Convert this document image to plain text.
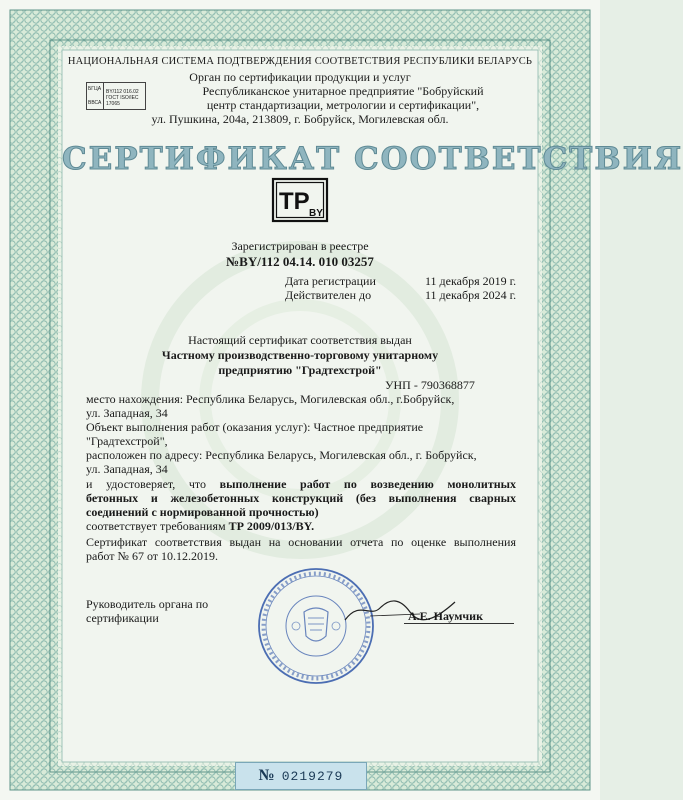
НАЦИОНАЛЬНАЯ СИСТЕМА ПОДТВЕРЖДЕНИЯ СООТВЕТСТВИЯ РЕСПУБЛИКИ БЕЛАРУСЬ
Орган по сертификации продукции и услуг
Республиканское унитарное предприятие "Бобруйский
центр стандартизации, метрологии и сертификации",
ул. Пушкина, 204а, 213809, г. Бобруйск, Могилевская обл.
БГЦА
ВВСА
BY/112 016.02
ГОСТ ISO/IEC 17065
СЕРТИФИКАТ СООТВЕТСТВИЯ
TP BY
Зарегистрирован в реестре
№BY/112 04.14. 010 03257
Дата регистрации	11 декабря 2019 г.
Действителен до	11 декабря 2024 г.
Настоящий сертификат соответствия выдан
Частному производственно-торговому унитарному
предприятию "Градтехстрой"
УНП - 790368877
место нахождения: Республика Беларусь, Могилевская обл., г.Бобруйск,
ул. Западная, 34
Объект выполнения работ (оказания услуг): Частное предприятие
"Градтехстрой",
расположен по адресу: Республика Беларусь, Могилевская обл., г. Бобруйск,
ул. Западная, 34
и удостоверяет, что выполнение работ по возведению монолитных
бетонных и железобетонных конструкций (без выполнения сварных
соединений с нормированной прочностью)
соответствует требованиям ТР 2009/013/BY.
Сертификат соответствия выдан на основании отчета по оценке выполнения
работ № 67 от 10.12.2019.
Руководитель органа по
сертификации	А.Е. Наумчик
№ 0219279
